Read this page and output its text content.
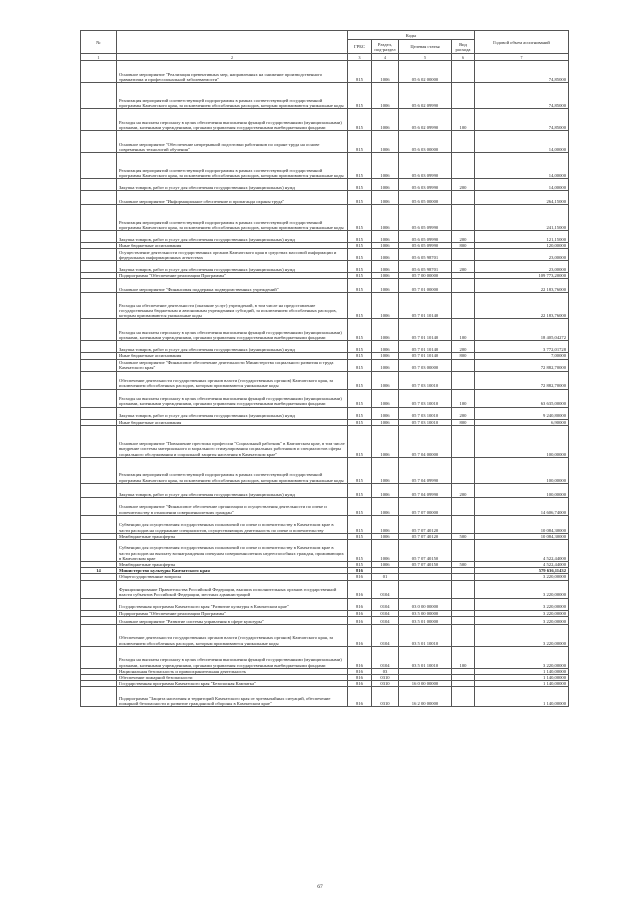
№		Коды				Годовой объем ассигнований
		ГРБС	Раздел, под-раздел	Целевая статья	Вид расхода	
1	2	3	4	5	6	7
	Основное мероприятие "Реализация превентивных мер, направленных на снижение производственного травматизма и профессиональной заболеваемости"	815	1006	05 6 02 00000		74,85000
	Реализация мероприятий соответствующей подпрограммы в рамках соответствующей государственной программы Камчатского края, за исключением обособленных расходов, которым присваиваются уникальные коды	815	1006	05 6 02 09990		74,85000
	Расходы на выплаты персоналу в целях обеспечения выполнения функций государственными (муниципальными) органами, казенными учреждениями, органами управления государственными внебюджетными фондами	815	1006	05 6 02 09990	100	74,85000
	Основное мероприятие "Обеспечение непрерывной подготовки работников по охране труда на основе современных технологий обучения"	815	1006	05 6 03 00000		14,00000
	Реализация мероприятий соответствующей подпрограммы в рамках соответствующей государственной программы Камчатского края, за исключением обособленных расходов, которым присваиваются уникальные коды	815	1006	05 6 03 09990		14,00000
	Закупка товаров, работ и услуг для обеспечения государственных (муниципальных) нужд	815	1006	05 6 03 09990	200	14,00000
	Основное мероприятие "Информационное обеспечение и пропаганда охраны труда"	815	1006	05 6 05 00000		264,15000
	Реализация мероприятий соответствующей подпрограммы в рамках соответствующей государственной программы Камчатского края, за исключением обособленных расходов, которым присваиваются уникальные коды	815	1006	05 6 05 09990		241,15000
	Закупка товаров, работ и услуг для обеспечения государственных (муниципальных) нужд	815	1006	05 6 05 09990	200	121,15000
	Иные бюджетные ассигнования	815	1006	05 6 05 09990	800	120,00000
	Осуществление деятельности государственных органов Камчатского края в средствах массовой информации и федеральных информационных агентствах	815	1006	05 6 05 98701		23,00000
	Закупка товаров, работ и услуг для обеспечения государственных (муниципальных) нужд	815	1006	05 6 05 98701	200	23,00000
	Подпрограмма "Обеспечение реализации Программы"	815	1006	05 7 00 00000		109 773,20000
	Основное мероприятие "Финансовая поддержка подведомственных учреждений"	815	1006	05 7 01 00000		22 183,76000
	Расходы на обеспечение деятельности (оказание услуг) учреждений, в том числе на предоставление государственным бюджетным и автономным учреждениям субсидий, за исключением обособленных расходов, которым присваиваются уникальные коды	815	1006	05 7 01 10140		22 183,76000
	Расходы на выплаты персоналу в целях обеспечения выполнения функций государственными (муниципальными) органами, казенными учреждениями, органами управления государственными внебюджетными фондами	815	1006	05 7 01 10140	100	18 405,04272
	Закупка товаров, работ и услуг для обеспечения государственных (муниципальных) нужд	815	1006	05 7 01 10140	200	3 772,01728
	Иные бюджетные ассигнования	815	1006	05 7 01 10140	800	7,00000
	Основное мероприятие "Финансовое обеспечение деятельности Министерства социального развития и труда Камчатского края"	815	1006	05 7 03 00000		72 882,70000
	Обеспечение деятельности государственных органов власти (государственных органов) Камчатского края, за исключением обособленных расходов, которым присваиваются уникальные коды	815	1006	05 7 03 10010		72 882,70000
	Расходы на выплаты персоналу в целях обеспечения выполнения функций государственными (муниципальными) органами, казенными учреждениями, органами управления государственными внебюджетными фондами	815	1006	05 7 03 10010	100	63 635,00000
	Закупка товаров, работ и услуг для обеспечения государственных (муниципальных) нужд	815	1006	05 7 03 10010	200	9 240,80000
	Иные бюджетные ассигнования	815	1006	05 7 03 10010	800	6,90000
	Основное мероприятие "Повышение престижа профессии "Социальный работник" в Камчатском крае, в том числе внедрение системы материального и морального стимулирования социальных работников и специалистов сферы социального обслуживания и социальной защиты населения в Камчатском крае"	815	1006	05 7 04 00000		100,00000
	Реализация мероприятий соответствующей подпрограммы в рамках соответствующей государственной программы Камчатского края, за исключением обособленных расходов, которым присваиваются уникальные коды	815	1006	05 7 04 09990		100,00000
	Закупка товаров, работ и услуг для обеспечения государственных (муниципальных) нужд	815	1006	05 7 04 09990	200	100,00000
	Основное мероприятие "Финансовое обеспечение организации и осуществления деятельности по опеке и попечительству в отношении совершеннолетних граждан"	815	1006	05 7 07 00000		14 606,74000
	Субвенции для осуществления государственных полномочий по опеке и попечительству в Камчатском крае в части расходов на содержание специалистов, осуществляющих деятельность по опеке и попечительству	815	1006	05 7 07 40120		10 084,30000
	Межбюджетные трансферты	815	1006	05 7 07 40120	500	10 084,30000
	Субвенции для осуществления государственных полномочий по опеке и попечительству в Камчатском крае в части расходов на выплату вознаграждения опекунам совершеннолетних недееспособных граждан, проживающих в Камчатском крае	815	1006	05 7 07 40150		4 522,44000
	Межбюджетные трансферты	815	1006	05 7 07 40150	500	4 522,44000
14	Министерство культуры Камчатского края	816				579 636,11432
	Общегосударственные вопросы	816	01			3 220,00000
	Функционирование Правительства Российской Федерации, высших исполнительных органов государственной власти субъектов Российской Федерации, местных администраций	816	0104			3 220,00000
	Государственная программа Камчатского края "Развитие культуры в Камчатском крае"	816	0104	03 0 00 00000		3 220,00000
	Подпрограмма "Обеспечение реализации Программы"	816	0104	03 5 00 00000		3 220,00000
	Основное мероприятие "Развитие системы управления в сфере культуры"	816	0104	03 5 01 00000		3 220,00000
	Обеспечение деятельности государственных органов власти (государственных органов) Камчатского края, за исключением обособленных расходов, которым присваиваются уникальные коды	816	0104	03 5 01 10010		3 220,00000
	Расходы на выплаты персоналу в целях обеспечения выполнения функций государственными (муниципальными) органами, казенными учреждениями, органами управления государственными внебюджетными фондами	816	0104	03 5 01 10010	100	3 220,00000
	Национальная безопасность и правоохранительная деятельность	816	03			1 140,00000
	Обеспечение пожарной безопасности	816	0310			1 140,00000
	Государственная программа Камчатского края "Безопасная Камчатка"	816	0310	16 0 00 00000		1 140,00000
	Подпрограмма "Защита населения и территорий Камчатского края от чрезвычайных ситуаций, обеспечение пожарной безопасности и развитие гражданской обороны в Камчатском крае"	816	0310	16 2 00 00000		1 140,00000
67
